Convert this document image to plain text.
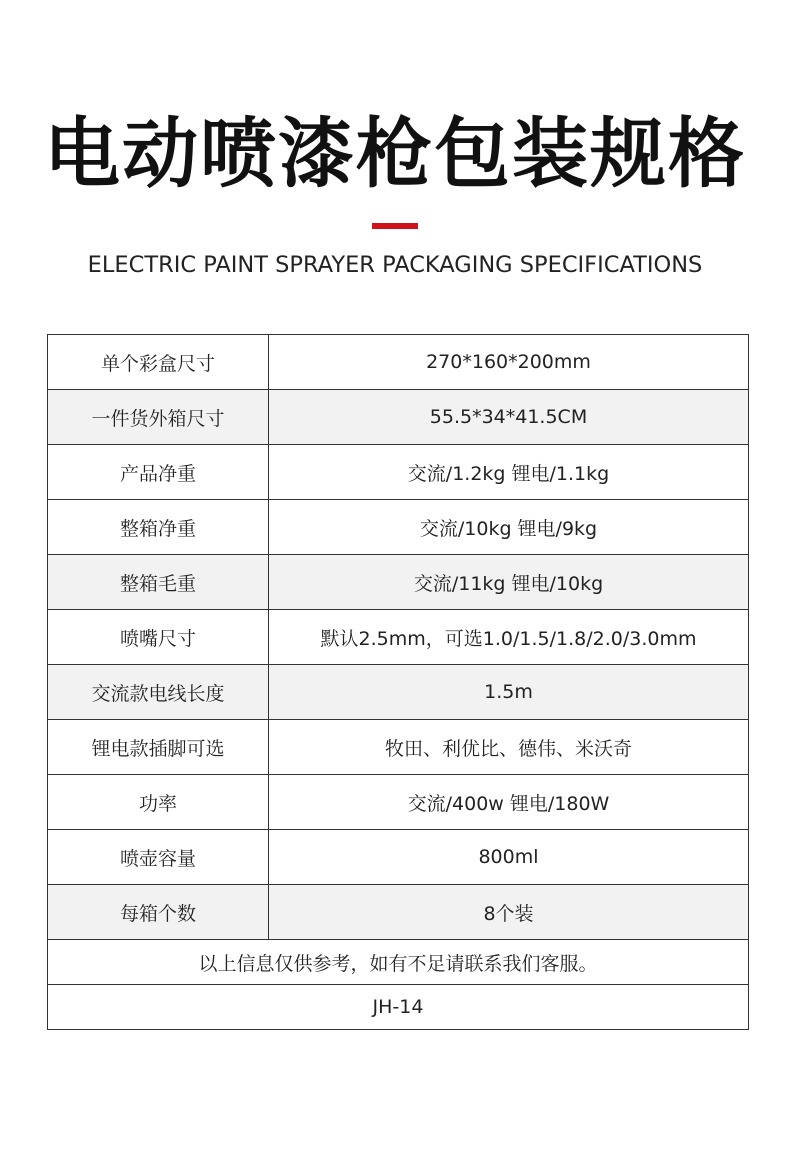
电动喷漆枪包装规格
ELECTRIC PAINT SPRAYER PACKAGING SPECIFICATIONS
单个彩盒尺寸	270*160*200mm
一件货外箱尺寸	55.5*34*41.5CM
产品净重	交流/1.2kg 锂电/1.1kg
整箱净重	交流/10kg 锂电/9kg
整箱毛重	交流/11kg 锂电/10kg
喷嘴尺寸	默认2.5mm，可选1.0/1.5/1.8/2.0/3.0mm
交流款电线长度	1.5m
锂电款插脚可选	牧田、利优比、德伟、米沃奇
功率	交流/400w 锂电/180W
喷壶容量	800ml
每箱个数	8个装
以上信息仅供参考，如有不足请联系我们客服。	
JH-14	
